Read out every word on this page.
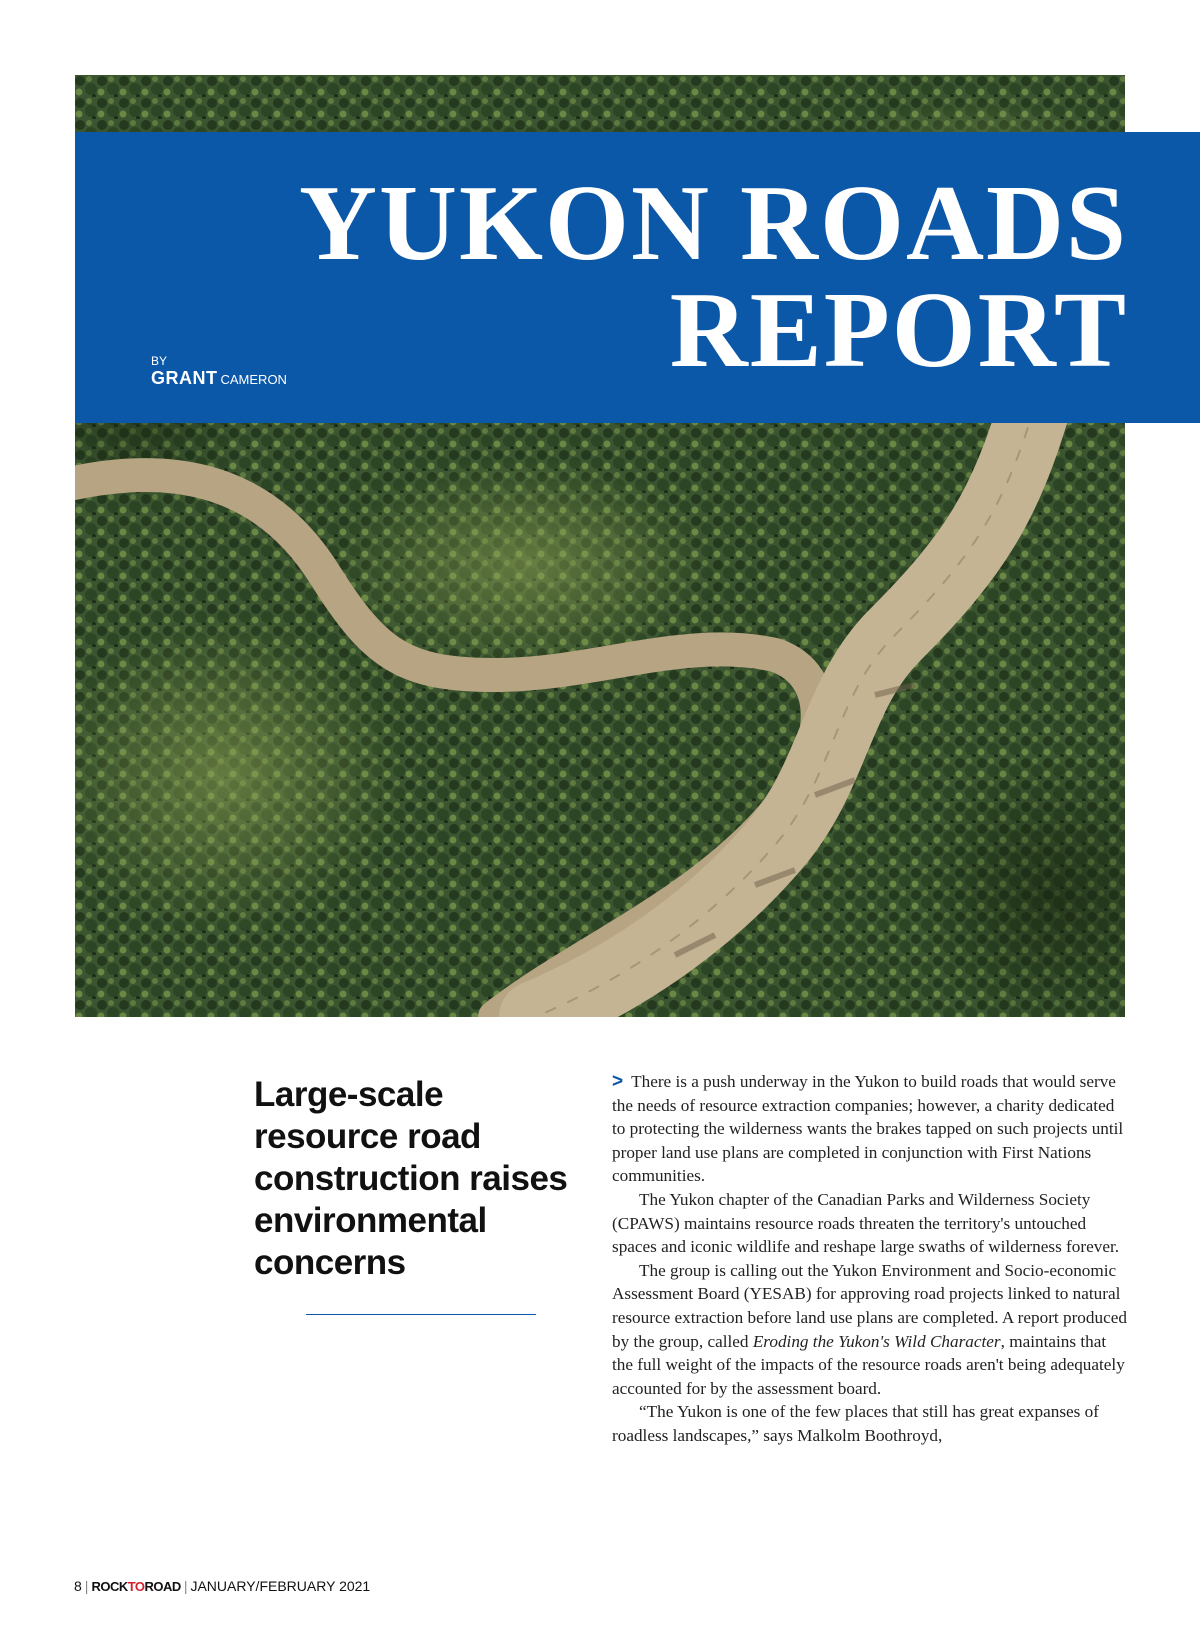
YUKON ROADS
REPORT
BY
GRANT CAMERON
Large-scale resource road construction raises environmental concerns

> There is a push underway in the Yukon to build roads that would serve the needs of resource extraction companies; however, a charity dedicated to protecting the wilderness wants the brakes tapped on such projects until proper land use plans are completed in conjunction with First Nations communities.

The Yukon chapter of the Canadian Parks and Wilderness Society (CPAWS) maintains resource roads threaten the territory's untouched spaces and iconic wildlife and reshape large swaths of wilderness forever.

The group is calling out the Yukon Environment and Socio-economic Assessment Board (YESAB) for approving road projects linked to natural resource extraction before land use plans are completed. A report produced by the group, called Eroding the Yukon's Wild Character, maintains that the full weight of the impacts of the resource roads aren't being adequately

accounted for by the assessment board.

“The Yukon is one of the few places that still has great expanses of roadless landscapes,” says Malkolm Boothroyd,

8 | ROCKTOROAD | JANUARY/FEBRUARY 2021
